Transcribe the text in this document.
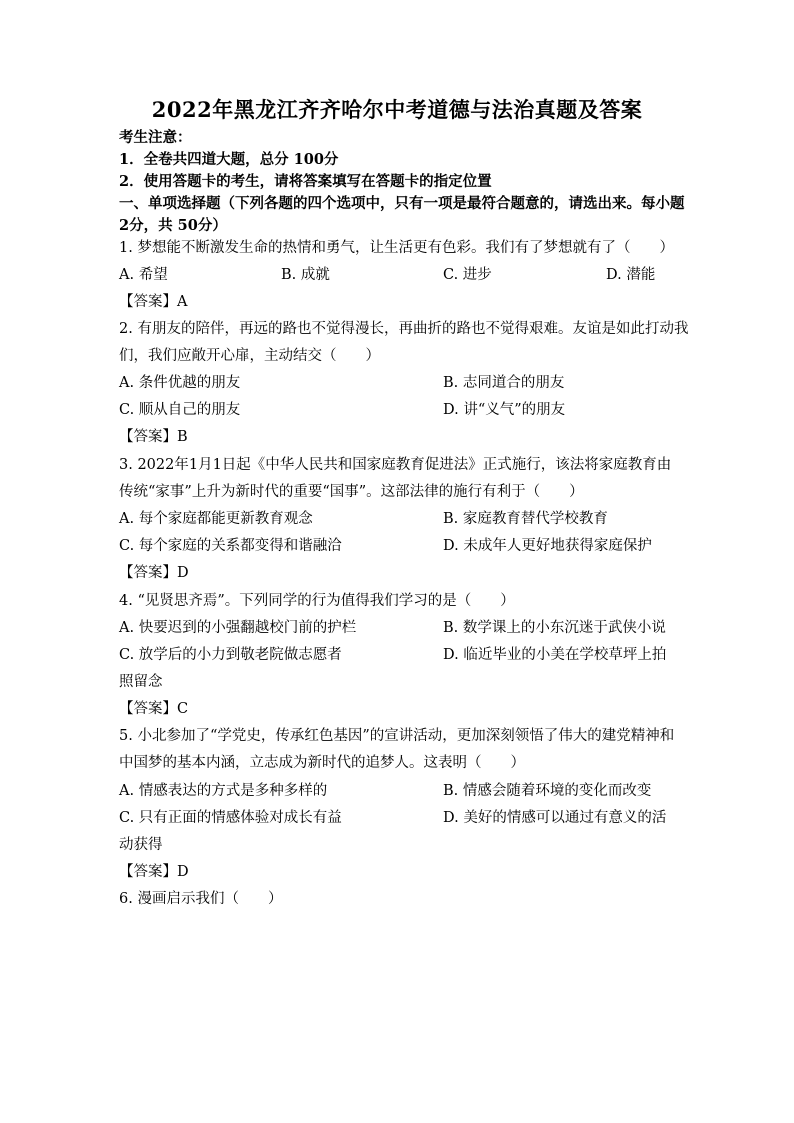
2022年黑龙江齐齐哈尔中考道德与法治真题及答案
考生注意：
1．全卷共四道大题，总分 100分
2．使用答题卡的考生，请将答案填写在答题卡的指定位置
一、单项选择题（下列各题的四个选项中，只有一项是最符合题意的，请选出来。每小题
2分，共 50分）
1. 梦想能不断激发生命的热情和勇气，让生活更有色彩。我们有了梦想就有了（　　）
A. 希望	B. 成就	C. 进步	D. 潜能
【答案】A
2. 有朋友的陪伴，再远的路也不觉得漫长，再曲折的路也不觉得艰难。友谊是如此打动我
们，我们应敞开心扉，主动结交（　　）
A. 条件优越的朋友	B. 志同道合的朋友
C. 顺从自己的朋友	D. 讲“义气”的朋友
【答案】B
3. 2022年1月1日起《中华人民共和国家庭教育促进法》正式施行，该法将家庭教育由
传统“家事”上升为新时代的重要“国事”。这部法律的施行有利于（　　）
A. 每个家庭都能更新教育观念	B. 家庭教育替代学校教育
C. 每个家庭的关系都变得和谐融洽	D. 未成年人更好地获得家庭保护
【答案】D
4. “见贤思齐焉”。下列同学的行为值得我们学习的是（　　）
A. 快要迟到的小强翻越校门前的护栏	B. 数学课上的小东沉迷于武侠小说
C. 放学后的小力到敬老院做志愿者	D. 临近毕业的小美在学校草坪上拍
照留念
【答案】C
5. 小北参加了“学党史，传承红色基因”的宣讲活动，更加深刻领悟了伟大的建党精神和
中国梦的基本内涵，立志成为新时代的追梦人。这表明（　　）
A. 情感表达的方式是多种多样的	B. 情感会随着环境的变化而改变
C. 只有正面的情感体验对成长有益	D. 美好的情感可以通过有意义的活
动获得
【答案】D
6. 漫画启示我们（　　）
